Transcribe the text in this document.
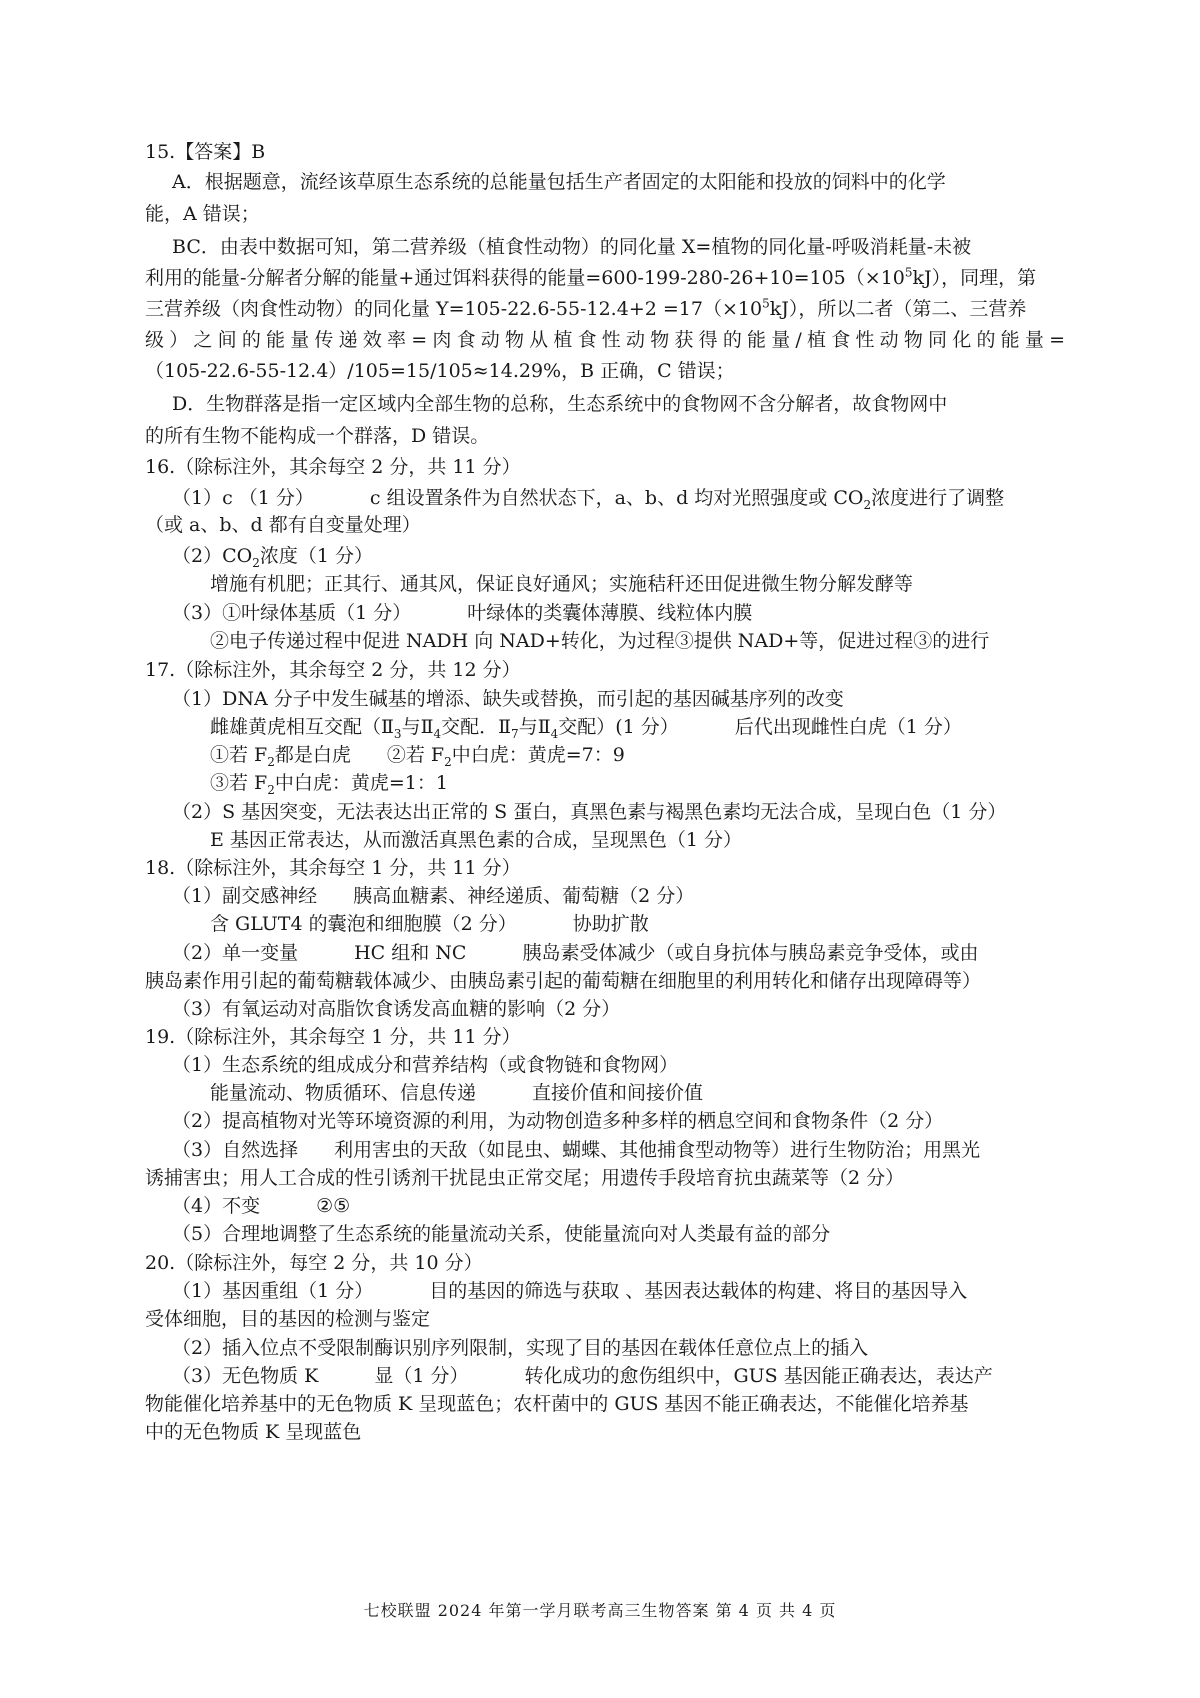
15.【答案】B
A．根据题意，流经该草原生态系统的总能量包括生产者固定的太阳能和投放的饲料中的化学
能，A 错误；
BC．由表中数据可知，第二营养级（植食性动物）的同化量 X=植物的同化量-呼吸消耗量-未被
利用的能量-分解者分解的能量+通过饵料获得的能量$=600-199-280-26+10=105(\times 10^5kJ)$，同理，第
三营养级（肉食性动物）的同化量 $Y=105-22.6-55-12.4+2 =17(\times 10^5kJ)$，所以二者（第二、三营养
级）之间的能量传递效率=肉食动物从植食性动物获得的能量/植食性动物同化的能量=
（105-22.6-55-12.4）/105=15/105≈14.29%，B 正确，C 错误；
D．生物群落是指一定区域内全部生物的总称，生态系统中的食物网不含分解者，故食物网中
的所有生物不能构成一个群落，D 错误。
16.（除标注外，其余每空 2 分，共 11 分）
（1）c （1 分）	c 组设置条件为自然状态下，a、b、d 均对光照强度或 $CO_2$浓度进行了调整
（或 a、b、d 都有自变量处理）
$(2)CO_2$浓度（1 分）
增施有机肥；正其行、通其风，保证良好通风；实施秸秆还田促进微生物分解发酵等
（3）①叶绿体基质（1 分）	叶绿体的类囊体薄膜、线粒体内膜
②电子传递过程中促进 NADH 向 NAD+转化，为过程③提供 NAD+等，促进过程③的进行
17.（除标注外，其余每空 2 分，共 12 分）
（1）DNA 分子中发生碱基的增添、缺失或替换，而引起的基因碱基序列的改变
雌雄黄虎相互交配（$Ⅱ_3$与$Ⅱ_4$交配．$Ⅱ_7$与$Ⅱ_4$交配）(1 分）	后代出现雌性白虎（1 分）
①若 $F_2$都是白虎 ②若 $F_2$中白虎：黄虎=7：9
③若 $F_2$中白虎：黄虎=1：1
（2）S 基因突变，无法表达出正常的 S 蛋白，真黑色素与褐黑色素均无法合成，呈现白色（1 分）
E 基因正常表达，从而激活真黑色素的合成，呈现黑色（1 分）
18.（除标注外，其余每空 1 分，共 11 分）
（1）副交感神经 胰高血糖素、神经递质、葡萄糖（2 分）
含 GLUT4 的囊泡和细胞膜（2 分）	协助扩散
（2）单一变量	HC 组和 NC	胰岛素受体减少（或自身抗体与胰岛素竞争受体，或由
胰岛素作用引起的葡萄糖载体减少、由胰岛素引起的葡萄糖在细胞里的利用转化和储存出现障碍等）
（3）有氧运动对高脂饮食诱发高血糖的影响（2 分）
19.（除标注外，其余每空 1 分，共 11 分）
（1）生态系统的组成成分和营养结构（或食物链和食物网）
能量流动、物质循环、信息传递	直接价值和间接价值
（2）提高植物对光等环境资源的利用，为动物创造多种多样的栖息空间和食物条件（2 分）
（3）自然选择 利用害虫的天敌（如昆虫、蝴蝶、其他捕食型动物等）进行生物防治；用黑光
诱捕害虫；用人工合成的性引诱剂干扰昆虫正常交尾；用遗传手段培育抗虫蔬菜等（2 分）
（4）不变	②⑤
（5）合理地调整了生态系统的能量流动关系，使能量流向对人类最有益的部分
20.（除标注外，每空 2 分，共 10 分）
（1）基因重组（1 分）	目的基因的筛选与获取 、基因表达载体的构建、将目的基因导入
受体细胞，目的基因的检测与鉴定
（2）插入位点不受限制酶识别序列限制，实现了目的基因在载体任意位点上的插入
（3）无色物质 K	显（1 分）	转化成功的愈伤组织中，GUS 基因能正确表达，表达产
物能催化培养基中的无色物质 K 呈现蓝色；农杆菌中的 GUS 基因不能正确表达，不能催化培养基
中的无色物质 K 呈现蓝色
七校联盟 2024 年第一学月联考高三生物答案 第 4 页 共 4 页
